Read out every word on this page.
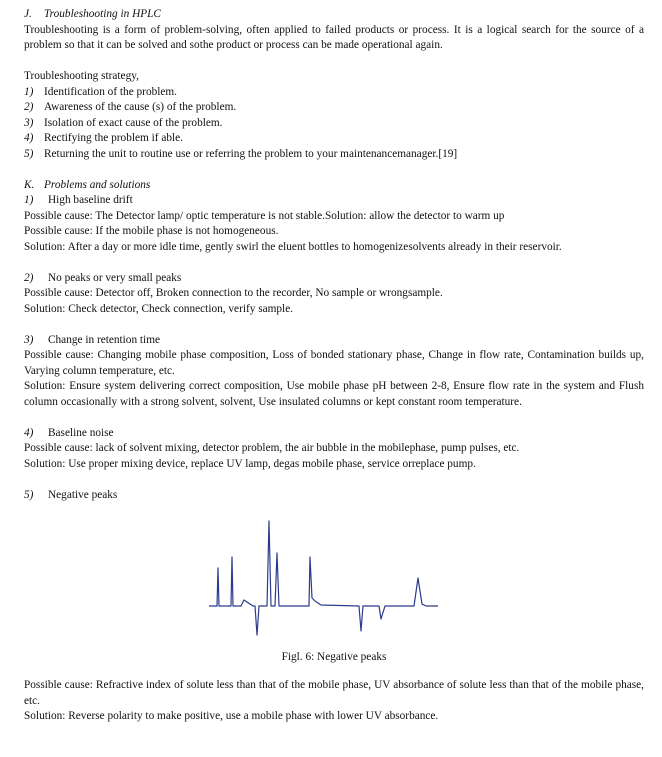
J. Troubleshooting in HPLC

Troubleshooting is a form of problem-solving, often applied to failed products or process. It is a logical search for the source of a problem so that it can be solved and sothe product or process can be made operational again.

Troubleshooting strategy,

1) Identification of the problem.

2) Awareness of the cause (s) of the problem.

3) Isolation of exact cause of the problem.

4) Rectifying the problem if able.

5) Returning the unit to routine use or referring the problem to your maintenancemanager.[19]

K. Problems and solutions

1) High baseline drift

Possible cause: The Detector lamp/ optic temperature is not stable.Solution: allow the detector to warm up

Possible cause: If the mobile phase is not homogeneous.

Solution: After a day or more idle time, gently swirl the eluent bottles to homogenizesolvents already in their reservoir.

2) No peaks or very small peaks

Possible cause: Detector off, Broken connection to the recorder, No sample or wrongsample.

Solution: Check detector, Check connection, verify sample.

3) Change in retention time

Possible cause: Changing mobile phase composition, Loss of bonded stationary phase, Change in flow rate, Contamination builds up, Varying column temperature, etc.

Solution: Ensure system delivering correct composition, Use mobile phase pH between 2-8, Ensure flow rate in the system and Flush column occasionally with a strong solvent, solvent, Use insulated columns or kept constant room temperature.

4) Baseline noise

Possible cause: lack of solvent mixing, detector problem, the air bubble in the mobilephase, pump pulses, etc.

Solution: Use proper mixing device, replace UV lamp, degas mobile phase, service orreplace pump.

5) Negative peaks

Figl. 6: Negative peaks

Possible cause: Refractive index of solute less than that of the mobile phase, UV absorbance of solute less than that of the mobile phase, etc.

Solution: Reverse polarity to make positive, use a mobile phase with lower UV absorbance.
